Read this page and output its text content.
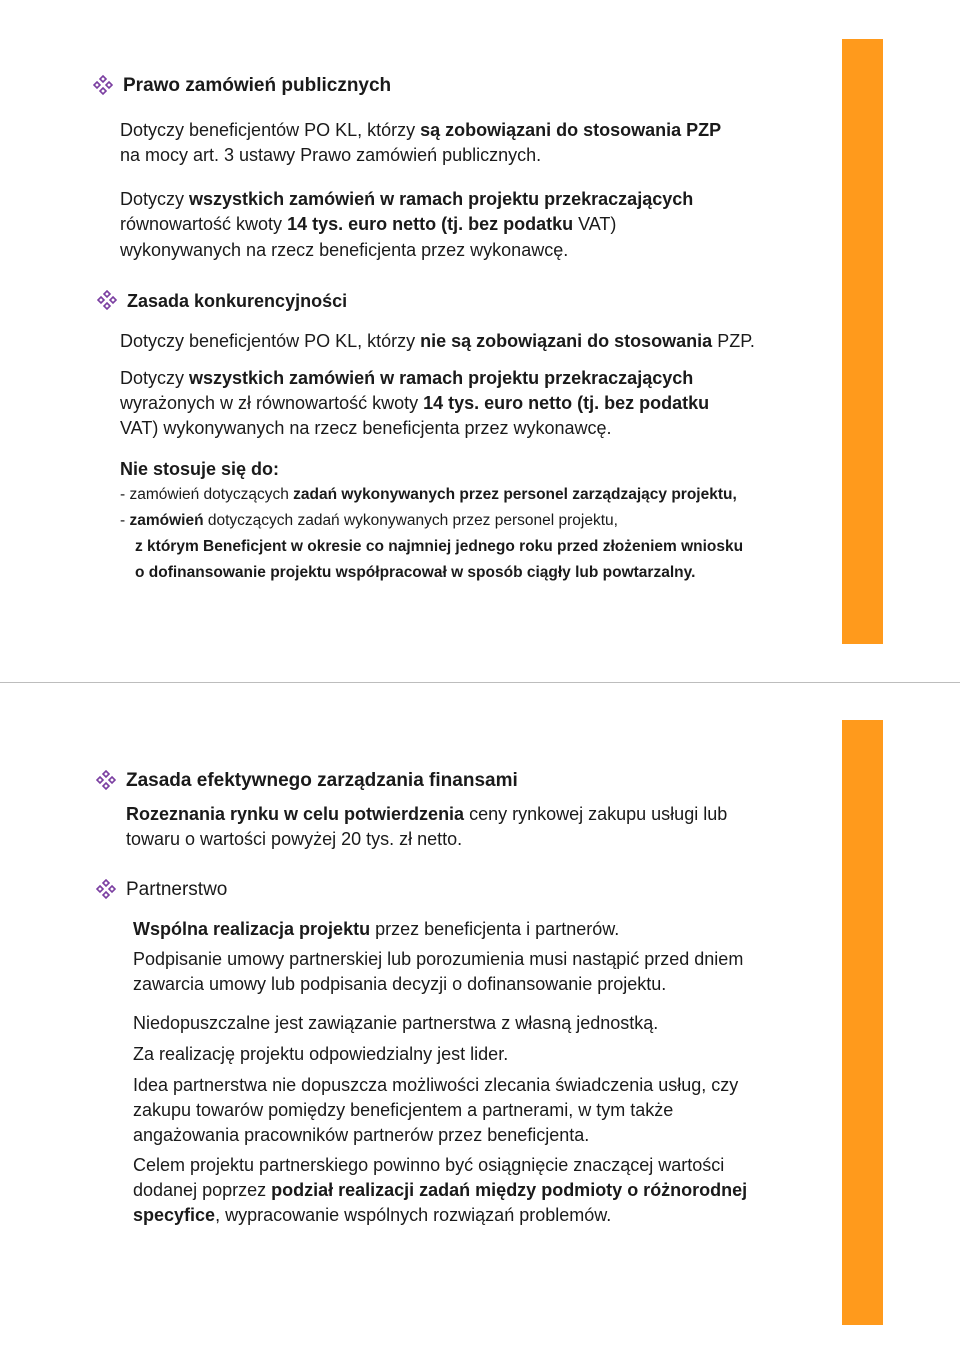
Prawo zamówień publicznych
Dotyczy beneficjentów PO KL, którzy są zobowiązani do stosowania PZP
na mocy art. 3 ustawy Prawo zamówień publicznych.
Dotyczy wszystkich zamówień w ramach projektu przekraczających
równowartość kwoty 14 tys. euro netto (tj. bez podatku VAT)
wykonywanych na rzecz beneficjenta przez wykonawcę.
Zasada konkurencyjności
Dotyczy beneficjentów PO KL, którzy nie są zobowiązani do stosowania PZP.
Dotyczy wszystkich zamówień w ramach projektu przekraczających
wyrażonych w zł równowartość kwoty 14 tys. euro netto (tj. bez podatku
VAT) wykonywanych na rzecz beneficjenta przez wykonawcę.
Nie stosuje się do:
- zamówień dotyczących zadań wykonywanych przez personel zarządzający projektu,
- zamówień dotyczących zadań wykonywanych przez personel projektu,
z którym Beneficjent w okresie co najmniej jednego roku przed złożeniem wniosku
o dofinansowanie projektu współpracował w sposób ciągły lub powtarzalny.
Zasada efektywnego zarządzania finansami
Rozeznania rynku w celu potwierdzenia ceny rynkowej zakupu usługi lub
towaru o wartości powyżej 20 tys. zł netto.
Partnerstwo
Wspólna realizacja projektu przez beneficjenta i partnerów.
Podpisanie umowy partnerskiej lub porozumienia musi nastąpić przed dniem
zawarcia umowy lub podpisania decyzji o dofinansowanie projektu.
Niedopuszczalne jest zawiązanie partnerstwa z własną jednostką.
Za realizację projektu odpowiedzialny jest lider.
Idea partnerstwa nie dopuszcza możliwości zlecania świadczenia usług, czy
zakupu towarów pomiędzy beneficjentem a partnerami, w tym także
angażowania pracowników partnerów przez beneficjenta.
Celem projektu partnerskiego powinno być osiągnięcie znaczącej wartości
dodanej poprzez podział realizacji zadań między podmioty o różnorodnej
specyfice, wypracowanie wspólnych rozwiązań problemów.
